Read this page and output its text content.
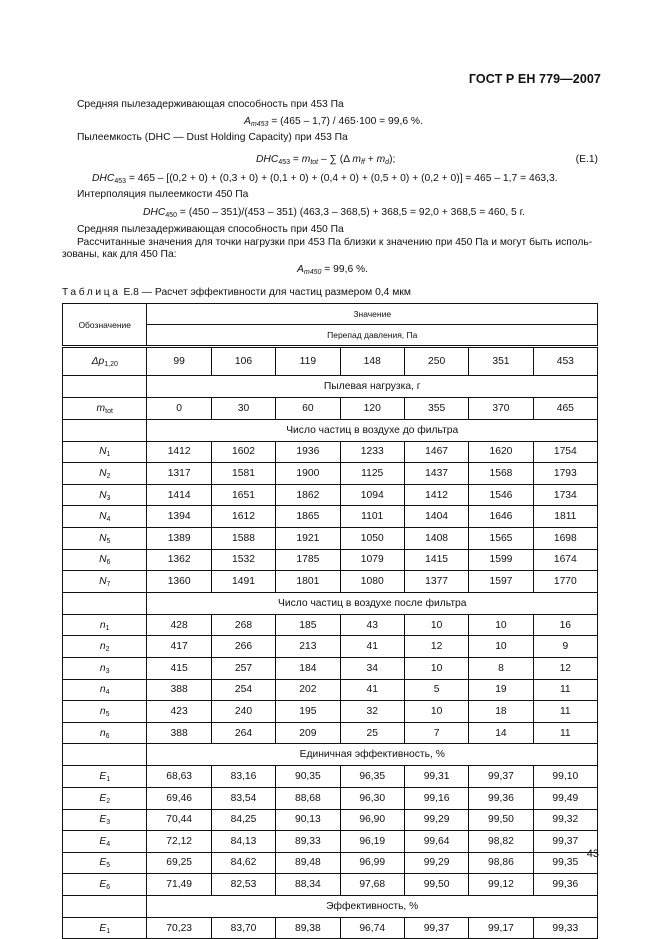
ГОСТ Р ЕН 779—2007
Средняя пылезадерживающая способность при 453 Па
$A_{m453} = (465 - 1,7) / 465\cdot 100 = 99,6$ %.
Пылеемкость (DHC — Dust Holding Capacity) при 453 Па
$DHC_{453} = m_{tot}$ – ∑ (Δ $m_{ff} + m_d$);	(E.1)
$DHC_{453} = 465 - [(0,2 + 0) + (0,3 + 0) + (0,1 + 0) + (0,4 + 0) + (0,5 + 0) + (0,2 + 0)] = 465 - 1,7 = 463,3$.
Интерполяция пылеемкости 450 Па
$DHC_{450} = (450 - 351)/(453 - 351)$ (463,3 – 368,5) + 368,5 = 92,0 + 368,5 = 460, 5 г.
Средняя пылезадерживающая способность при 450 Па
Рассчитанные значения для точки нагрузки при 453 Па близки к значению при 450 Па и могут быть исполь-
зованы, как для 450 Па:
$A_{m450} = 99,6$ %.
Таблица Е.8 — Расчет эффективности для частиц размером 0,4 мкм
Обозначение	Значение						
	Перепад давления, Па						
$\Delta p_{1,20}$	99	106	119	148	250	351	453
	Пылевая нагрузка, г						
$m_{tot}$	0	30	60	120	355	370	465
	Число частиц в воздухе до фильтра						
$N_1$	1412	1602	1936	1233	1467	1620	1754
$N_2$	1317	1581	1900	1125	1437	1568	1793
$N_3$	1414	1651	1862	1094	1412	1546	1734
$N_4$	1394	1612	1865	1101	1404	1646	1811
$N_5$	1389	1588	1921	1050	1408	1565	1698
$N_6$	1362	1532	1785	1079	1415	1599	1674
$N_7$	1360	1491	1801	1080	1377	1597	1770
	Число частиц в воздухе после фильтра						
$n_1$	428	268	185	43	10	10	16
$n_2$	417	266	213	41	12	10	9
$n_3$	415	257	184	34	10	8	12
$n_4$	388	254	202	41	5	19	11
$n_5$	423	240	195	32	10	18	11
$n_6$	388	264	209	25	7	14	11
	Единичная эффективность, %						
$E_1$	68,63	83,16	90,35	96,35	99,31	99,37	99,10
$E_2$	69,46	83,54	88,68	96,30	99,16	99,36	99,49
$E_3$	70,44	84,25	90,13	96,90	99,29	99,50	99,32
$E_4$	72,12	84,13	89,33	96,19	99,64	98,82	99,37
$E_5$	69,25	84,62	89,48	96,99	99,29	98,86	99,35
$E_6$	71,49	82,53	88,34	97,68	99,50	99,12	99,36
	Эффективность, %						
$E_1$	70,23	83,70	89,38	96,74	99,37	99,17	99,33
43
